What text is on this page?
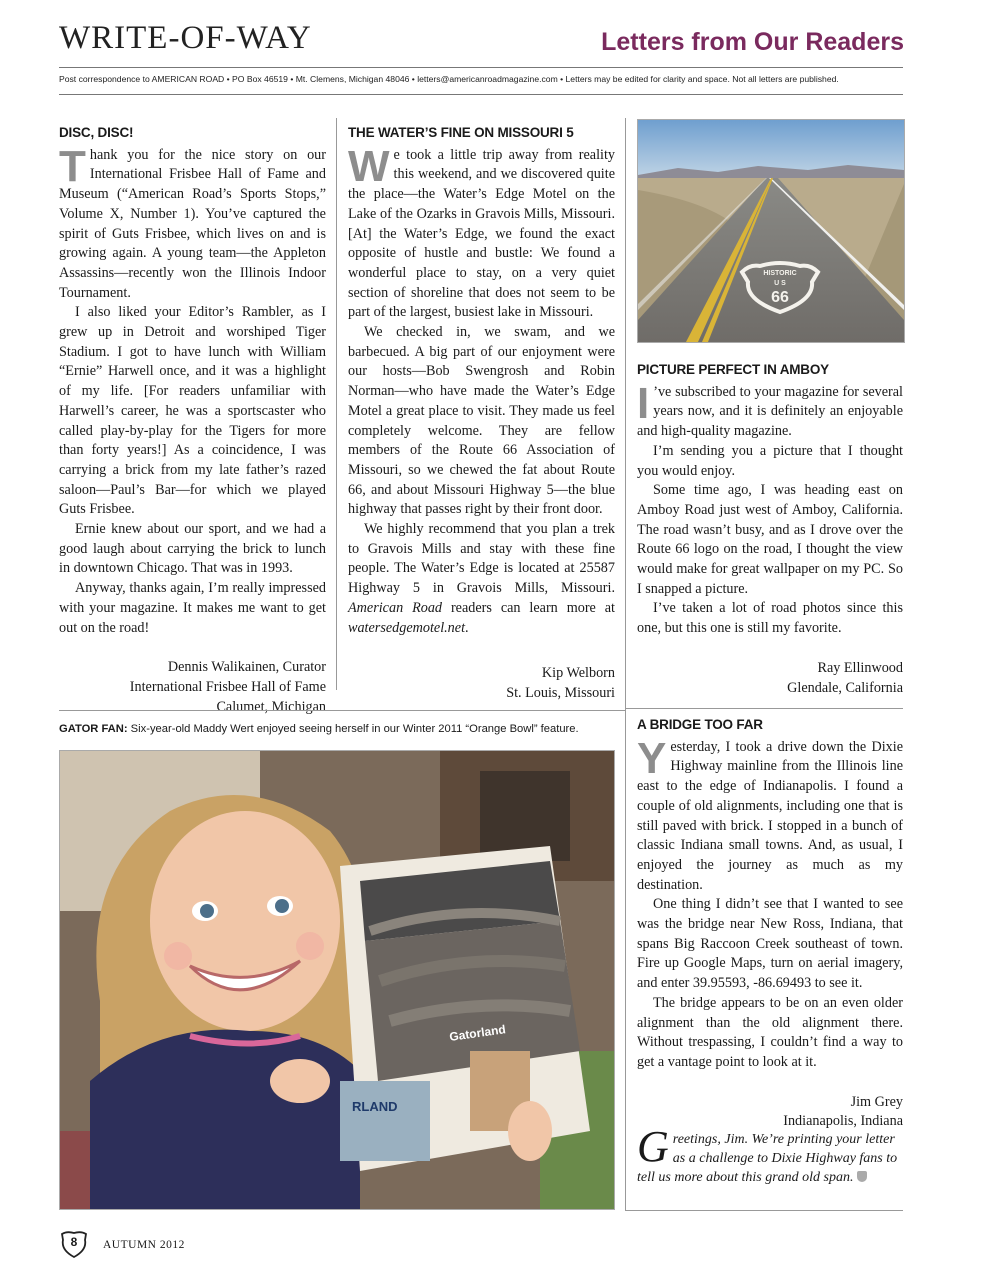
WRITE-OF-WAY	Letters from Our Readers
Post correspondence to AMERICAN ROAD • PO Box 46519 • Mt. Clemens, Michigan 48046 • letters@americanroadmagazine.com • Letters may be edited for clarity and space. Not all letters are published.
DISC, DISC!

Thank you for the nice story on our International Frisbee Hall of Fame and Museum (“American Road’s Sports Stops,” Volume X, Number 1). You’ve captured the spirit of Guts Frisbee, which lives on and is growing again. A young team—the Appleton Assassins—recently won the Illinois Indoor Tournament.

I also liked your Editor’s Rambler, as I grew up in Detroit and worshiped Tiger Stadium. I got to have lunch with William “Ernie” Harwell once, and it was a highlight of my life. [For readers unfamiliar with Harwell’s career, he was a sportscaster who called play-by-play for the Tigers for more than forty years!] As a coincidence, I was carrying a brick from my late father’s razed saloon—Paul’s Bar—for which we played Guts Frisbee.

Ernie knew about our sport, and we had a good laugh about carrying the brick to lunch in downtown Chicago. That was in 1993.

Anyway, thanks again, I’m really impressed with your magazine. It makes me want to get out on the road!

Dennis Walikainen, Curator
International Frisbee Hall of Fame
Calumet, Michigan
THE WATER’S FINE ON MISSOURI 5

We took a little trip away from reality this weekend, and we discovered quite the place—the Water’s Edge Motel on the Lake of the Ozarks in Gravois Mills, Missouri. [At] the Water’s Edge, we found the exact opposite of hustle and bustle: We found a wonderful place to stay, on a very quiet section of shoreline that does not seem to be part of the largest, busiest lake in Missouri.

We checked in, we swam, and we barbecued. A big part of our enjoyment were our hosts—Bob Swengrosh and Robin Norman—who have made the Water’s Edge Motel a great place to visit. They made us feel completely welcome. They are fellow members of the Route 66 Association of Missouri, so we chewed the fat about Route 66, and about Missouri Highway 5—the blue highway that passes right by their front door.

We highly recommend that you plan a trek to Gravois Mills and stay with these fine people. The Water’s Edge is located at 25587 Highway 5 in Gravois Mills, Missouri. American Road readers can learn more at watersedgemotel.net.

Kip Welborn
St. Louis, Missouri
HISTORIC
U S
66
PICTURE PERFECT IN AMBOY

I ’ve subscribed to your magazine for several years now, and it is definitely an enjoyable and high-quality magazine.

I’m sending you a picture that I thought you would enjoy.

Some time ago, I was heading east on Amboy Road just west of Amboy, California. The road wasn’t busy, and as I drove over the Route 66 logo on the road, I thought the view would make for great wallpaper on my PC. So I snapped a picture.

I’ve taken a lot of road photos since this one, but this one is still my favorite.

Ray Ellinwood
Glendale, California
A BRIDGE TOO FAR

Yesterday, I took a drive down the Dixie Highway mainline from the Illinois line east to the edge of Indianapolis. I found a couple of old alignments, including one that is still paved with brick. I stopped in a bunch of classic Indiana small towns. And, as usual, I enjoyed the journey as much as my destination.

One thing I didn’t see that I wanted to see was the bridge near New Ross, Indiana, that spans Big Raccoon Creek southeast of town. Fire up Google Maps, turn on aerial imagery, and enter 39.95593, -86.69493 to see it.

The bridge appears to be on an even older alignment than the old alignment there. Without trespassing, I couldn’t find a way to get a vantage point to look at it.

Jim Grey
Indianapolis, Indiana
Greetings, Jim. We’re printing your letter as a challenge to Dixie Highway fans to tell us more about this grand old span.
GATOR FAN: Six-year-old Maddy Wert enjoyed seeing herself in our Winter 2011 “Orange Bowl” feature.
Gatorland
RLAND
8	AUTUMN 2012
